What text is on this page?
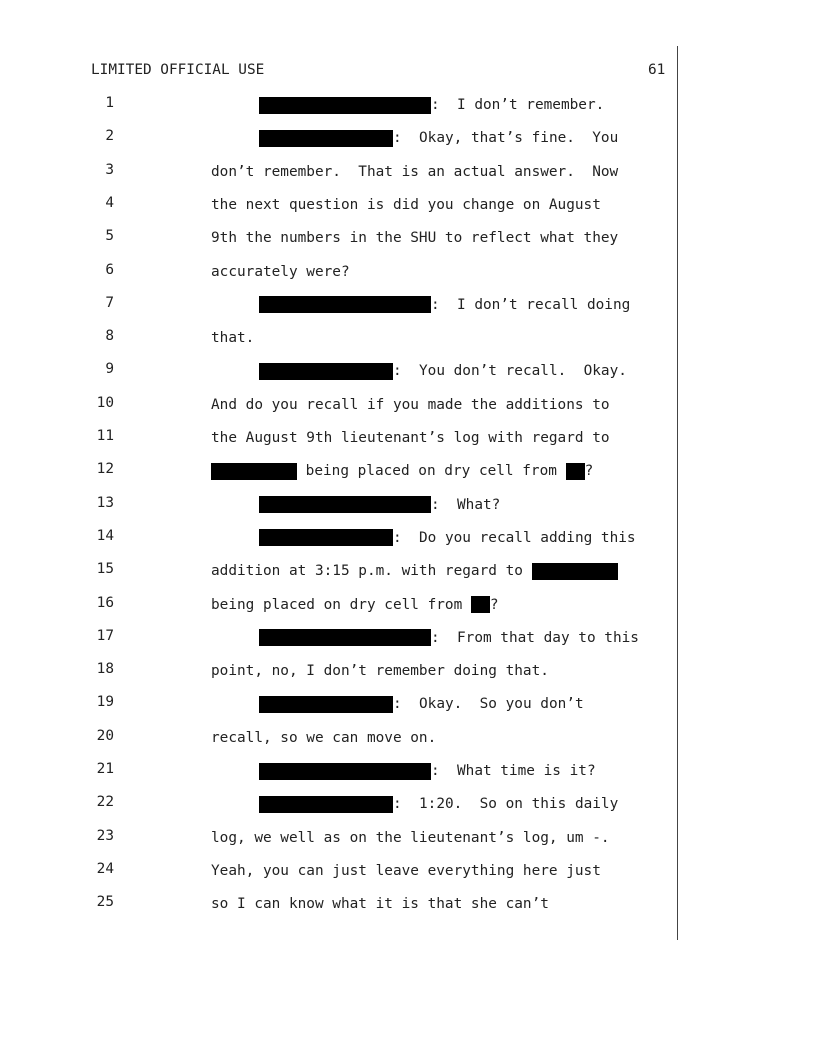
LIMITED OFFICIAL USE	61
1	:  I don’t remember.
2	:  Okay, that’s fine.  You
3	don’t remember.  That is an actual answer.  Now
4	the next question is did you change on August
5	9th the numbers in the SHU to reflect what they
6	accurately were?
7	:  I don’t recall doing
8	that.
9	:  You don’t recall.  Okay.
10	And do you recall if you made the additions to
11	the August 9th lieutenant’s log with regard to
12	being placed on dry cell from ?
13	:  What?
14	:  Do you recall adding this
15	addition at 3:15 p.m. with regard to
16	being placed on dry cell from ?
17	:  From that day to this
18	point, no, I don’t remember doing that.
19	:  Okay.  So you don’t
20	recall, so we can move on.
21	:  What time is it?
22	:  1:20.  So on this daily
23	log, we well as on the lieutenant’s log, um -.
24	Yeah, you can just leave everything here just
25	so I can know what it is that she can’t
